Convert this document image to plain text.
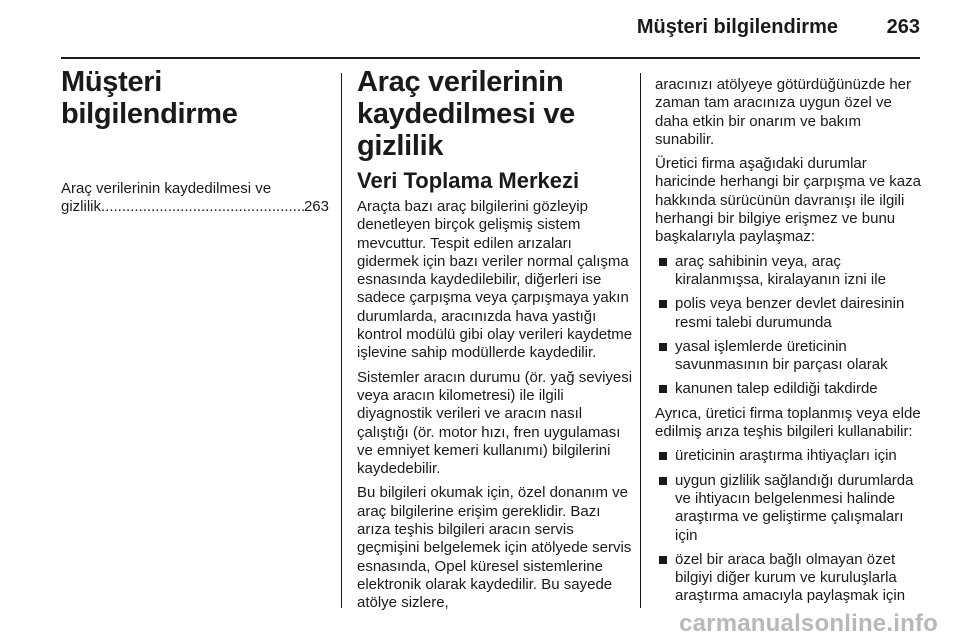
Müşteri bilgilendirme 263
Müşteri bilgilendirme
Araç verilerinin kaydedilmesi ve
gizlilik
.....	263
Araç verilerinin
kaydedilmesi ve gizlilik
Veri Toplama Merkezi

Araçta bazı araç bilgilerini gözleyip denetleyen birçok gelişmiş sistem mevcuttur. Tespit edilen arızaları gidermek için bazı veriler normal çalışma esnasında kaydedilebilir, diğerleri ise sadece çarpışma veya çarpışmaya yakın durumlarda, aracınızda hava yastığı kontrol modülü gibi olay verileri kaydetme işlevine sahip modüllerde kaydedilir.

Sistemler aracın durumu (ör. yağ seviyesi veya aracın kilometresi) ile ilgili diyagnostik verileri ve aracın nasıl çalıştığı (ör. motor hızı, fren uygulaması ve emniyet kemeri kullanımı) bilgilerini kaydedebilir.

Bu bilgileri okumak için, özel donanım ve araç bilgilerine erişim gereklidir. Bazı arıza teşhis bilgileri aracın servis geçmişini belgelemek için atölyede servis esnasında, Opel küresel sistemlerine elektronik olarak kaydedilir. Bu sayede atölye sizlere,

aracınızı atölyeye götürdüğünüzde her zaman tam aracınıza uygun özel ve daha etkin bir onarım ve bakım sunabilir.

Üretici firma aşağıdaki durumlar haricinde herhangi bir çarpışma ve kaza hakkında sürücünün davranışı ile ilgili herhangi bir bilgiye erişmez ve bunu başkalarıyla paylaşmaz:

araç sahibinin veya, araç kiralanmışsa, kiralayanın izni ile
polis veya benzer devlet dairesinin resmi talebi durumunda
yasal işlemlerde üreticinin savunmasının bir parçası olarak
kanunen talep edildiği takdirde

Ayrıca, üretici firma toplanmış veya elde edilmiş arıza teşhis bilgileri kullanabilir:

üreticinin araştırma ihtiyaçları için
uygun gizlilik sağlandığı durumlarda ve ihtiyacın belgelenmesi halinde araştırma ve geliştirme çalışmaları için
özel bir araca bağlı olmayan özet bilgiyi diğer kurum ve kuruluşlarla araştırma amacıyla paylaşmak için
carmanualsonline.info
